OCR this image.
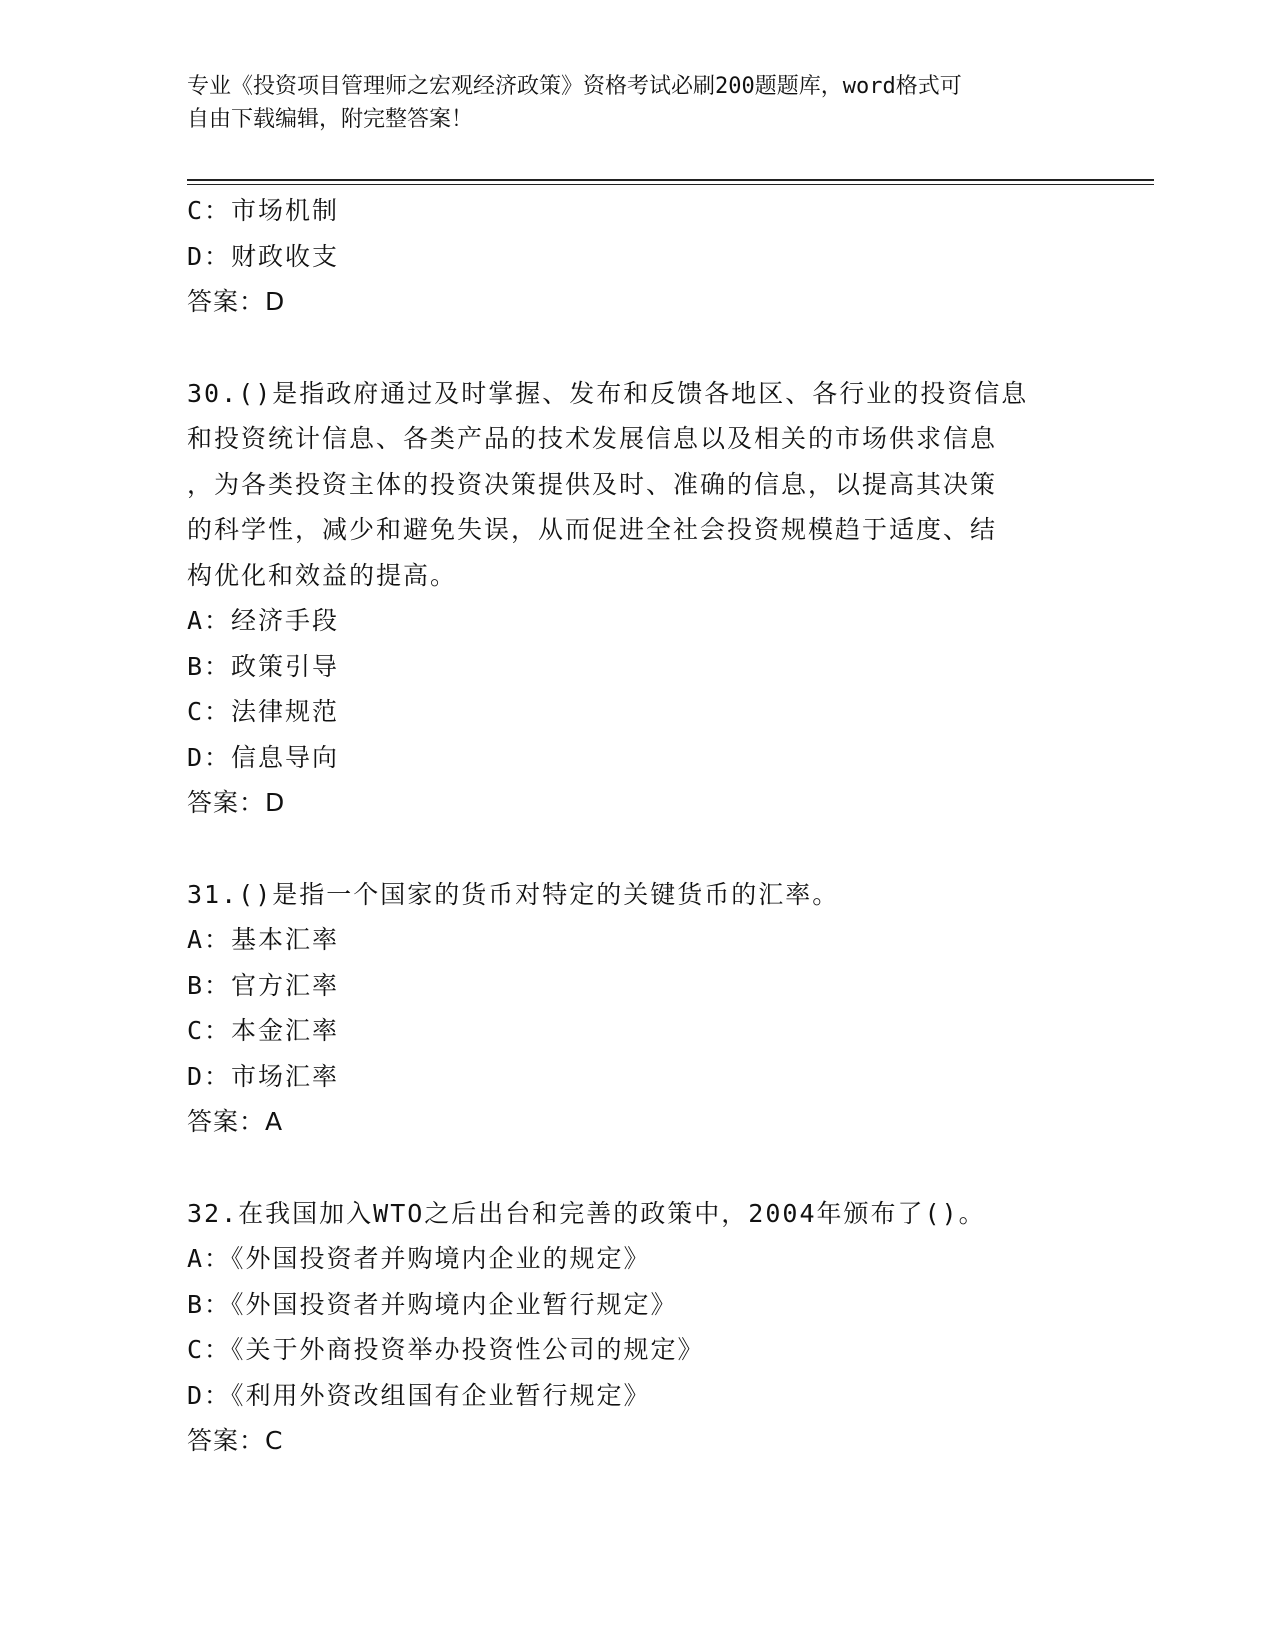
专业《投资项目管理师之宏观经济政策》资格考试必刷200题题库，word格式可
自由下载编辑，附完整答案！
C：市场机制
D：财政收支
答案：D
30.()是指政府通过及时掌握、发布和反馈各地区、各行业的投资信息
和投资统计信息、各类产品的技术发展信息以及相关的市场供求信息
，为各类投资主体的投资决策提供及时、准确的信息，以提高其决策
的科学性，减少和避免失误，从而促进全社会投资规模趋于适度、结
构优化和效益的提高。
A：经济手段
B：政策引导
C：法律规范
D：信息导向
答案：D
31.()是指一个国家的货币对特定的关键货币的汇率。
A：基本汇率
B：官方汇率
C：本金汇率
D：市场汇率
答案：A
32.在我国加入WTO之后出台和完善的政策中，2004年颁布了()。
A：《外国投资者并购境内企业的规定》
B：《外国投资者并购境内企业暂行规定》
C：《关于外商投资举办投资性公司的规定》
D：《利用外资改组国有企业暂行规定》
答案：C
